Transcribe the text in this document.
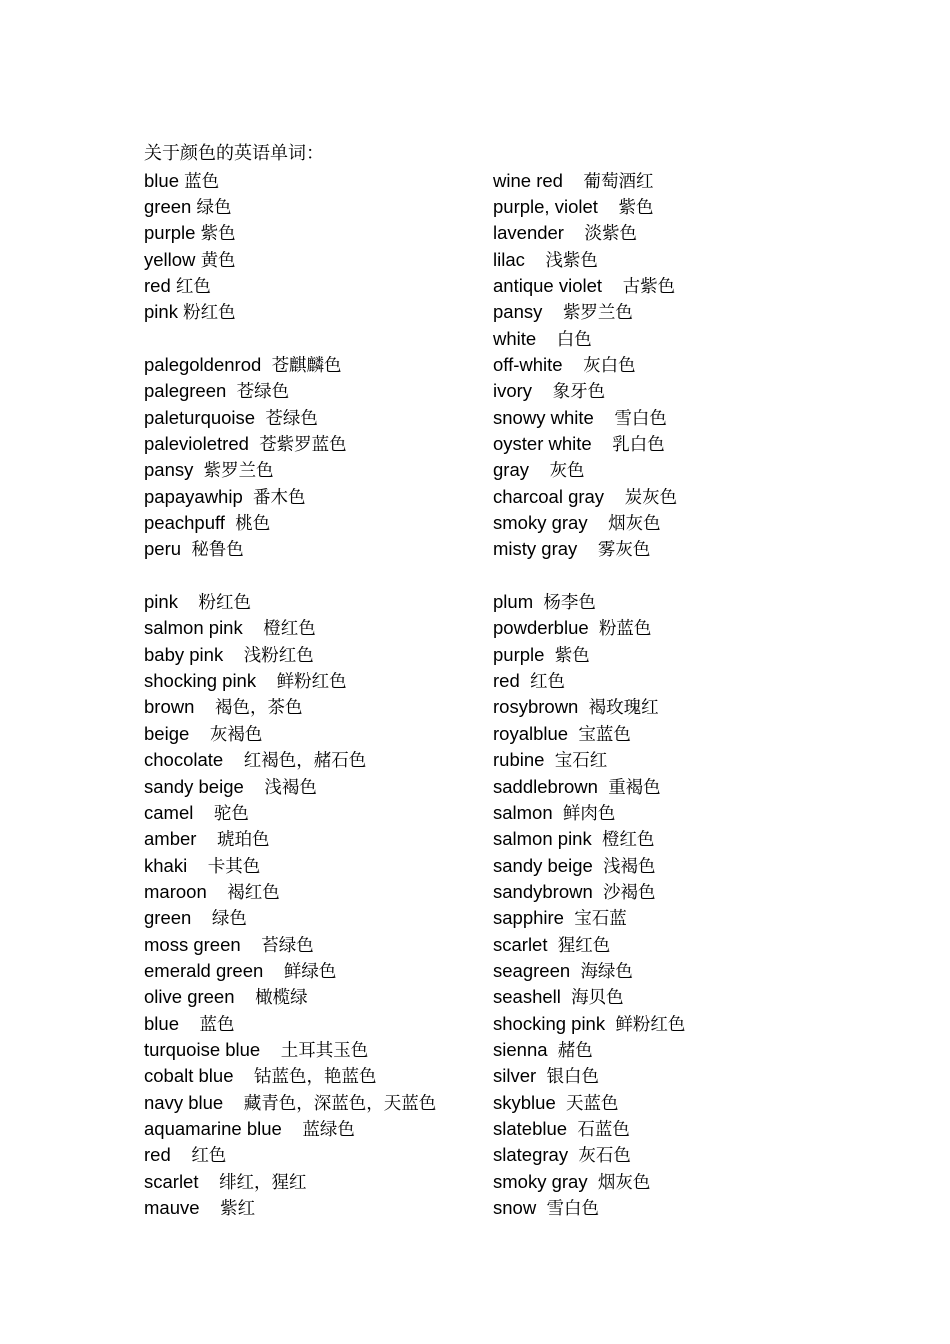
关于颜色的英语单词：
blue 蓝色
green 绿色
purple 紫色
yellow 黄色
red 红色
pink 粉红色
palegoldenrod 苍麒麟色
palegreen 苍绿色
paleturquoise 苍绿色
palevioletred 苍紫罗蓝色
pansy 紫罗兰色
papayawhip 番木色
peachpuff 桃色
peru 秘鲁色
pink 粉红色
salmon pink 橙红色
baby pink 浅粉红色
shocking pink 鲜粉红色
brown 褐色，茶色
beige 灰褐色
chocolate 红褐色，赭石色
sandy beige 浅褐色
camel 驼色
amber 琥珀色
khaki 卡其色
maroon 褐红色
green 绿色
moss green 苔绿色
emerald green 鲜绿色
olive green 橄榄绿
blue 蓝色
turquoise blue 土耳其玉色
cobalt blue 钴蓝色，艳蓝色
navy blue 藏青色，深蓝色，天蓝色
aquamarine blue 蓝绿色
red 红色
scarlet 绯红，猩红
mauve 紫红
wine red 葡萄酒红
purple, violet 紫色
lavender 淡紫色
lilac 浅紫色
antique violet 古紫色
pansy 紫罗兰色
white 白色
off-white 灰白色
ivory 象牙色
snowy white 雪白色
oyster white 乳白色
gray 灰色
charcoal gray 炭灰色
smoky gray 烟灰色
misty gray 雾灰色
plum 杨李色
powderblue 粉蓝色
purple 紫色
red 红色
rosybrown 褐玫瑰红
royalblue 宝蓝色
rubine 宝石红
saddlebrown 重褐色
salmon 鲜肉色
salmon pink 橙红色
sandy beige 浅褐色
sandybrown 沙褐色
sapphire 宝石蓝
scarlet 猩红色
seagreen 海绿色
seashell 海贝色
shocking pink 鲜粉红色
sienna 赭色
silver 银白色
skyblue 天蓝色
slateblue 石蓝色
slategray 灰石色
smoky gray 烟灰色
snow 雪白色
